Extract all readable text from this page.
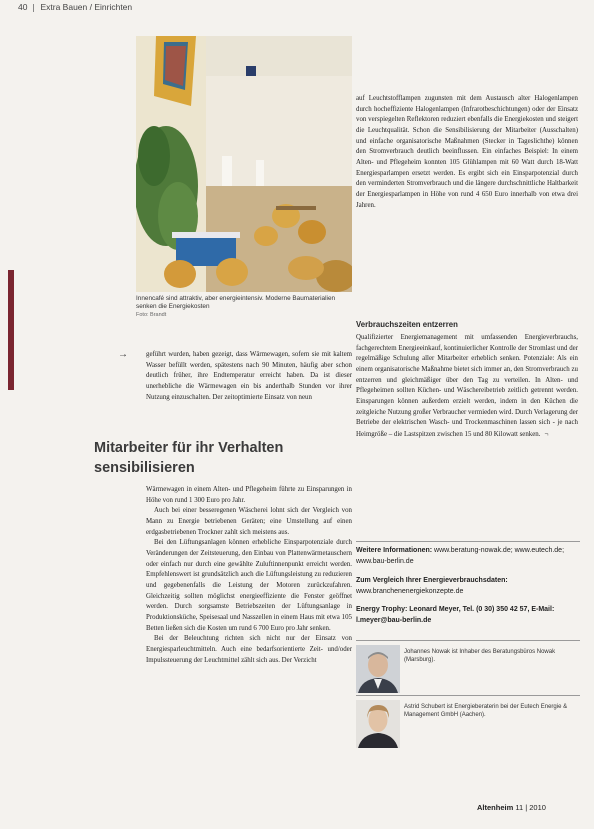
40 Extra Bauen / Einrichten
Innencafé sind attraktiv, aber energieintensiv. Moderne Baumaterialien senken die Energiekosten
Foto: Brandt
→	geführt wurden, haben gezeigt, dass Wärmewagen, sofern sie mit kaltem Wasser befüllt werden, spätestens nach 90 Minuten, häufig aber schon deutlich früher, ihre Endtemperatur erreicht haben. Da ist dieser unerhebliche die Wärmewagen ein bis anderthalb Stunden vor ihrer Nutzung einzuschalten. Der zeitoptimierte Einsatz von neun

Mitarbeiter für ihr Verhalten sensibilisieren

Wärmewagen in einem Alten- und Pflegeheim führte zu Einsparungen in Höhe von rund 1 300 Euro pro Jahr.

Auch bei einer besseregenen Wäscherei lohnt sich der Vergleich von Mann zu Energie betriebenen Geräten; eine Umstellung auf einen erdgasbetriebenen Trockner zahlt sich meistens aus.

Bei den Lüftungsanlagen können erhebliche Einsparpotenziale durch Veränderungen der Zeitsteuerung, den Einbau von Plattenwärmetauschern oder einfach nur durch eine gewählte Zuluftinnenpunkt erreicht werden. Empfehlenswert ist grundsätzlich auch die Lüftungsleistung zu reduzieren und gegebenenfalls die Leistung der Motoren zurückzufahren. Gleichzeitig sollten möglichst energieeffiziente die Fenster geöffnet werden. Durch sorgsamste Betriebszeiten der Lüftungsanlage in Produktionsküche, Speisesaal und Nasszellen in einem Haus mit etwa 105 Betten ließen sich die Kosten um rund 6 700 Euro pro Jahr senken.

Bei der Beleuchtung richten sich nicht nur der Einsatz von Energiesparleuchtmitteln. Auch eine bedarfsorientierte Zeit- und/oder Impulssteuerung der Leuchtmittel zählt sich aus. Der Verzicht

auf Leuchtstofflampen zugunsten mit dem Austausch alter Halogenlampen durch hocheffiziente Halogenlampen (Infrarotbeschichtungen) oder der Einsatz von verspiegelten Reflektoren reduziert ebenfalls die Energiekosten und steigert die Leuchtqualität. Schon die Sensibilisierung der Mitarbeiter (Ausschalten) und einfache organisatorische Maßnahmen (Stecker in Tageslichthe) können den Stromverbrauch deutlich beeinflussen. Ein einfaches Beispiel: In einem Alten- und Pflegeheim konnten 105 Glühlampen mit 60 Watt durch 18-Watt Energiesparlampen ersetzt werden. Es ergibt sich ein Einsparpotenzial durch den verminderten Stromverbrauch und die längere durchschnittliche Haltbarkeit der Energiesparlampen in Höhe von rund 4 650 Euro innerhalb von etwa drei Jahren.

Verbrauchszeiten entzerren

Qualifizierter Energiemanagement mit umfassenden Energieverbrauchs, fachgerechtem Energieeinkauf, kontinuierlicher Kontrolle der Stromlast und der regelmäßige Schulung aller Mitarbeiter erheblich senken. Potenziale: Als ein einem organisatorische Maßnahme bietet sich immer an, den Stromverbrauch zu entzerren und gleichmäßiger über den Tag zu verteilen. In Alten- und Pflegeheimen sollten Küchen- und Wäschereibetrieb zeitlich getrennt werden. Einsparungen können außerdem erzielt werden, indem in den Küchen die zeitgleiche Nutzung großer Verbraucher vermieden wird. Durch Verlagerung der Betriebe der elektrischen Wasch- und Trockenmaschinen lassen sich - je nach Heimgröße – die Lastspitzen zwischen 15 und 80 Kilowatt senken. ¬

Weitere Informationen: www.beratung-nowak.de; www.eutech.de; www.bau-berlin.de
Zum Vergleich Ihrer Energieverbrauchsdaten: www.branchenenergiekonzepte.de
Energy Trophy: Leonard Meyer, Tel. (0 30) 350 42 57, E-Mail: l.meyer@bau-berlin.de
Johannes Nowak ist Inhaber des Beratungsbüros Nowak (Marsburg).
Astrid Schubert ist Energieberaterin bei der Eutech Energie & Management GmbH (Aachen).
Altenheim 11 | 2010
